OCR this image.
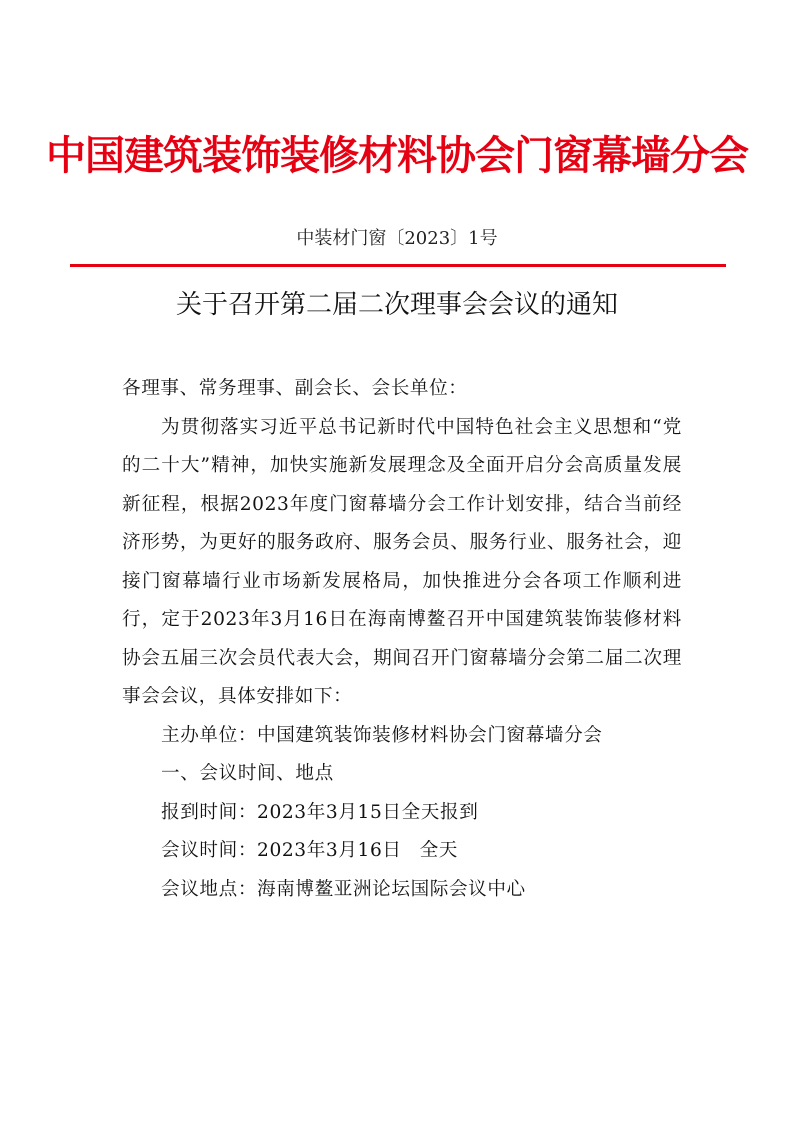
中国建筑装饰装修材料协会门窗幕墙分会
中装材门窗〔2023〕1号
关于召开第二届二次理事会会议的通知

各理事、常务理事、副会长、会长单位：

为贯彻落实习近平总书记新时代中国特色社会主义思想和“党的二十大”精神，加快实施新发展理念及全面开启分会高质量发展新征程，根据2023年度门窗幕墙分会工作计划安排，结合当前经济形势，为更好的服务政府、服务会员、服务行业、服务社会，迎接门窗幕墙行业市场新发展格局，加快推进分会各项工作顺利进行，定于2023年3月16日在海南博鳌召开中国建筑装饰装修材料协会五届三次会员代表大会，期间召开门窗幕墙分会第二届二次理事会会议，具体安排如下：

主办单位：中国建筑装饰装修材料协会门窗幕墙分会

一、会议时间、地点

报到时间：2023年3月15日全天报到

会议时间：2023年3月16日 全天

会议地点：海南博鳌亚洲论坛国际会议中心
